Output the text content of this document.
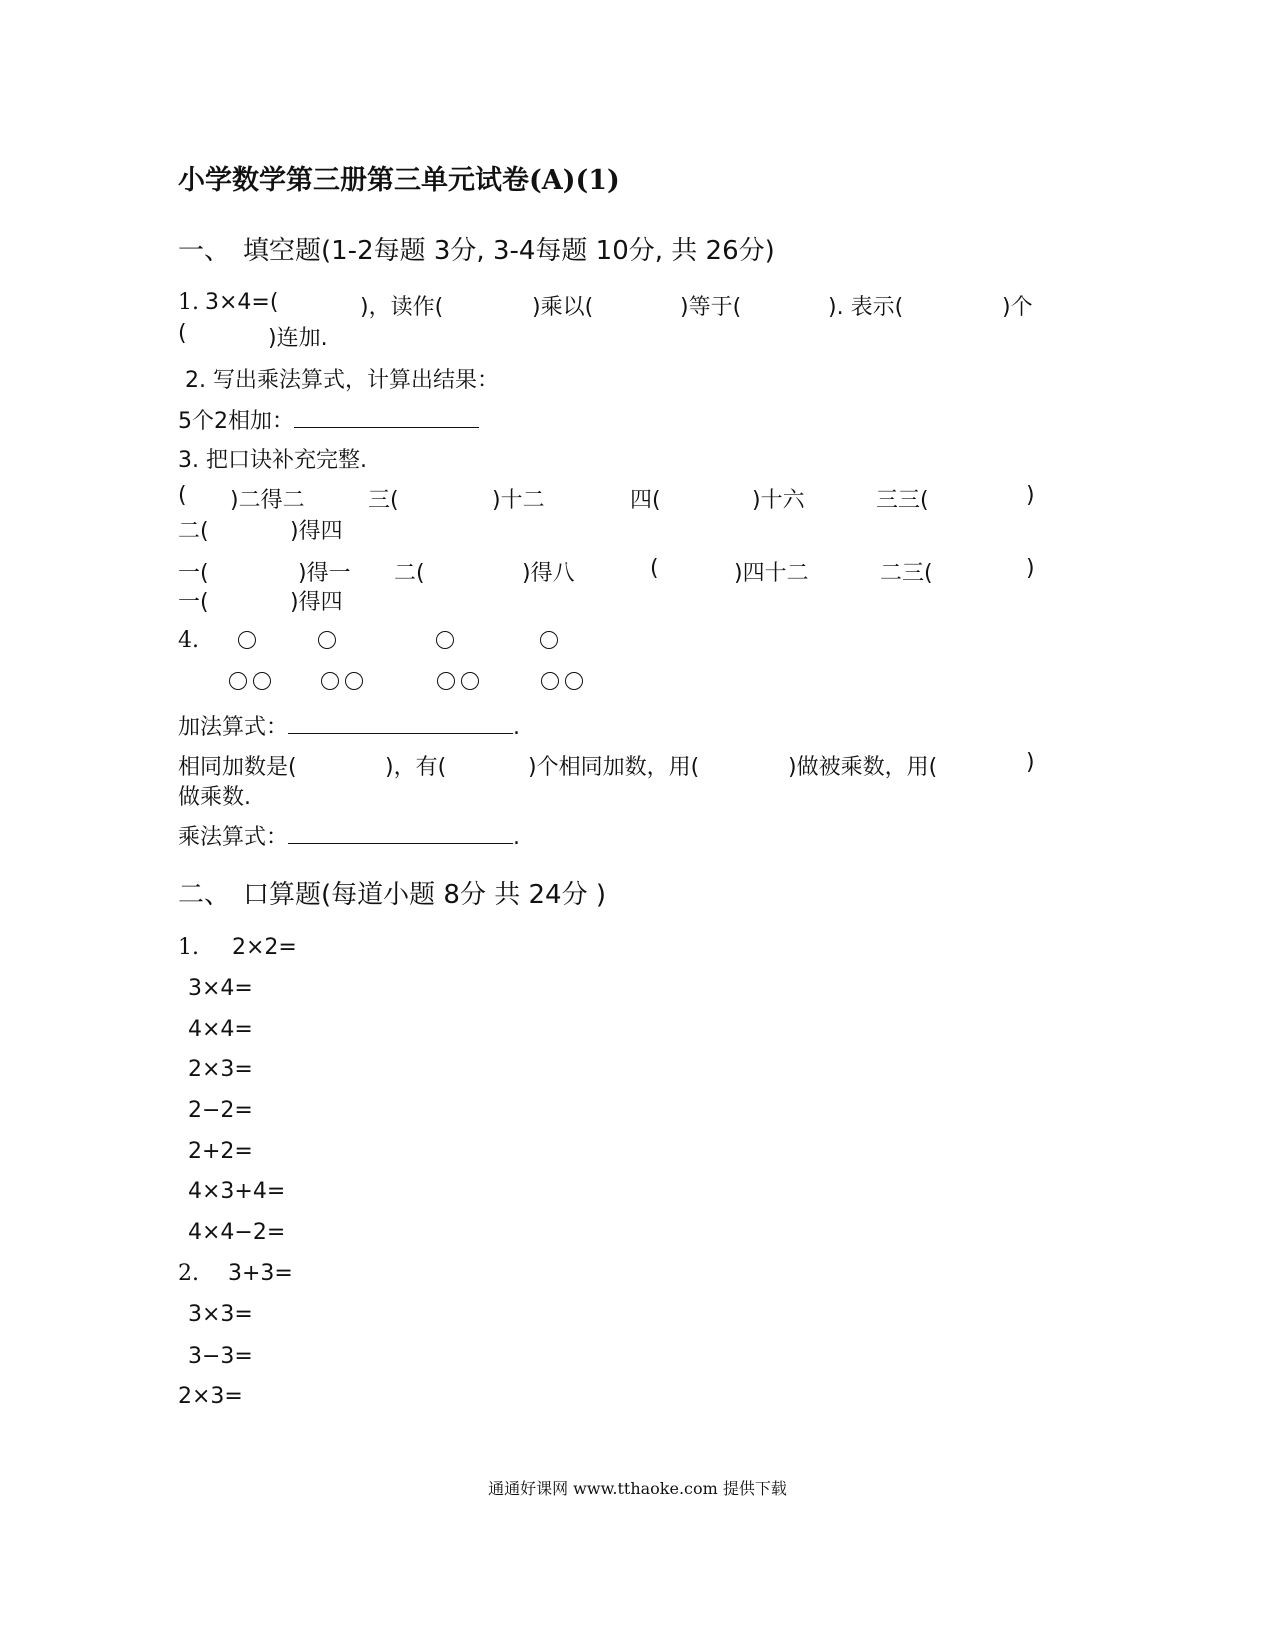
小学数学第三册第三单元试卷(A)(1)
一、　填空题(1-2每题 3分, 3-4每题 10分, 共 26分)
1. 3×4=(	)，读作(	)乘以(	)等于(	). 表示(	)个
(	)连加.
2. 写出乘法算式，计算出结果：
5个2相加：
3. 把口诀补充完整.
( )二得二	三(	)十二	四(	)十六	三三(	)
二(	)得四
一(	)得一 二(	)得八	(	)四十二	二三(	)
一(	)得四
4.
加法算式：	.
相同加数是(	)，有(	)个相同加数，用(	)做被乘数，用(	)
做乘数.
乘法算式：	.
二、　口算题(每道小题 8分 共 24分 )
1. 2×2=
3×4=
4×4=
2×3=
2−2=
2+2=
4×3+4=
4×4−2=
2. 3+3=
3×3=
3−3=
2×3=
通通好课网 www.tthaoke.com 提供下载
